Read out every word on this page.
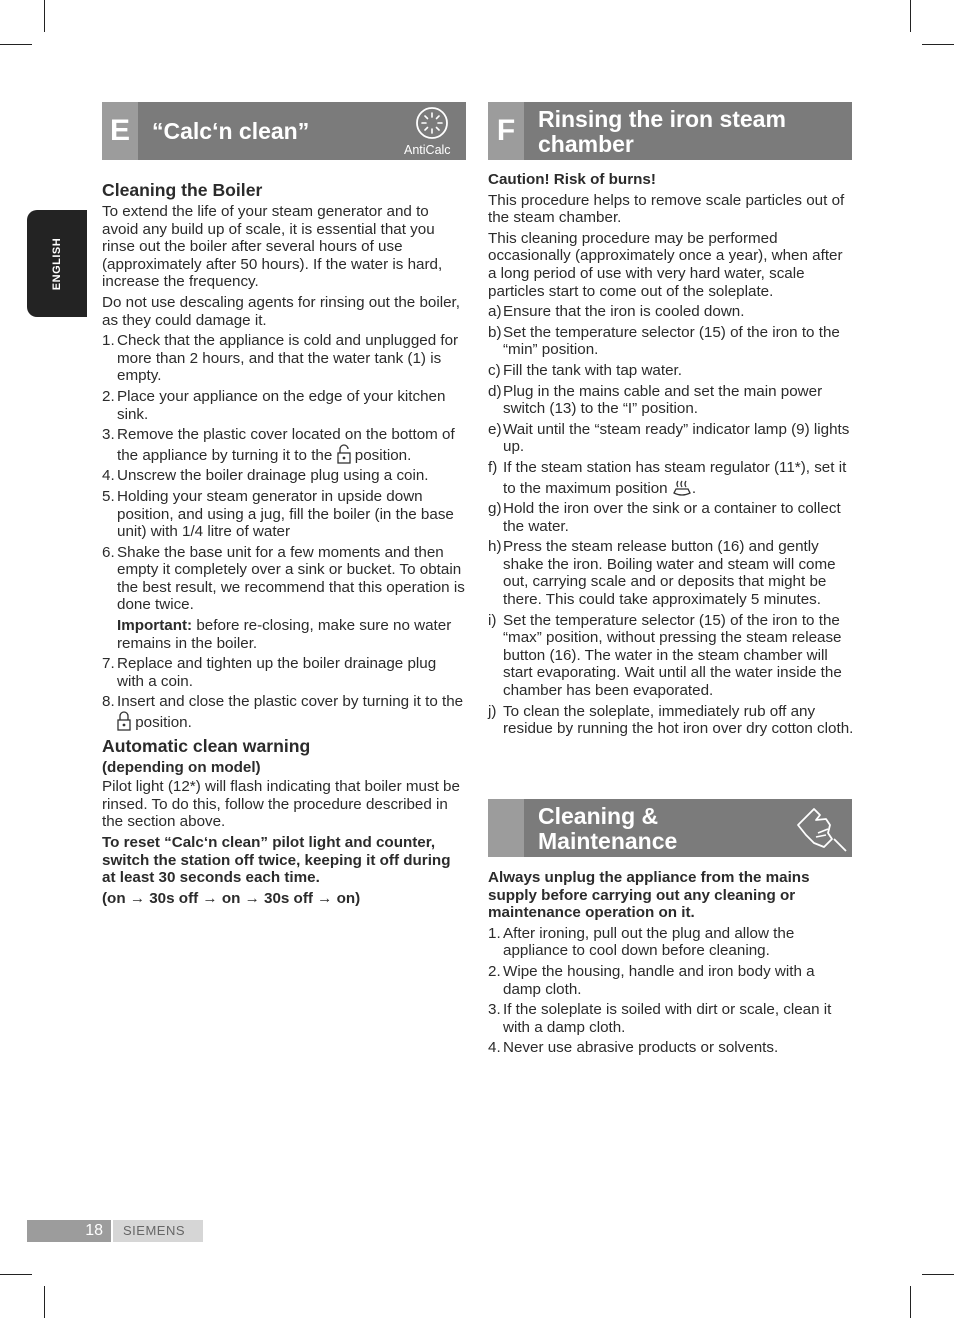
ENGLISH
E “Calc‘n clean”
AntiCalc
F Rinsing the iron steam
chamber
Cleaning &
Maintenance
Cleaning the Boiler

To extend the life of your steam generator and to avoid any build up of scale, it is essential that you rinse out the boiler after several hours of use (approximately after 50 hours). If the water is hard, increase the frequency.

Do not use descaling agents for rinsing out the boiler, as they could damage it.

1. Check that the appliance is cold and unplugged for more than 2 hours, and that the water tank (1) is empty.
2. Place your appliance on the edge of your kitchen sink.
3. Remove the plastic cover located on the bottom of the appliance by turning it to the position.
4. Unscrew the boiler drainage plug using a coin.
5. Holding your steam generator in upside down position, and using a jug, fill the boiler (in the base unit) with 1/4 litre of water
6. Shake the base unit for a few moments and then empty it completely over a sink or bucket. To obtain the best result, we recommend that this operation is done twice.
Important: before re-closing, make sure no water remains in the boiler.
7. Replace and tighten up the boiler drainage plug with a coin.
8. Insert and close the plastic cover by turning it to the  position.
Automatic clean warning

(depending on model)

Pilot light (12*) will flash indicating that boiler must be rinsed. To do this, follow the procedure described in the section above.

To reset “Calc‘n clean” pilot light and counter, switch the station off twice, keeping it off during at least 30 seconds each time.

(on → 30s off → on → 30s off → on)

Caution! Risk of burns!

This procedure helps to remove scale particles out of the steam chamber.

This cleaning procedure may be performed occasionally (approximately once a year), when after a long period of use with very hard water, scale particles start to come out of the soleplate.

a) Ensure that the iron is cooled down.
b) Set the temperature selector (15) of the iron to the “min” position.
c) Fill the tank with tap water.
d) Plug in the mains cable and set the main power switch (13) to the “I” position.
e) Wait until the “steam ready” indicator lamp (9) lights up.
f) If the steam station has steam regulator (11*), set it to the maximum position .
g) Hold the iron over the sink or a container to collect the water.
h) Press the steam release button (16) and gently shake the iron. Boiling water and steam will come out, carrying scale and or deposits that might be there. This could take approximately 5 minutes.
i) Set the temperature selector (15) of the iron to the “max” position, without pressing the steam release button (16). The water in the steam chamber will start evaporating. Wait until all the water inside the chamber has been evaporated.
j) To clean the soleplate, immediately rub off any residue by running the hot iron over dry cotton cloth.

Always unplug the appliance from the mains supply before carrying out any cleaning or maintenance operation on it.

1. After ironing, pull out the plug and allow the appliance to cool down before cleaning.
2. Wipe the housing, handle and iron body with a damp cloth.
3. If the soleplate is soiled with dirt or scale, clean it with a damp cloth.
4. Never use abrasive products or solvents.
18 SIEMENS
